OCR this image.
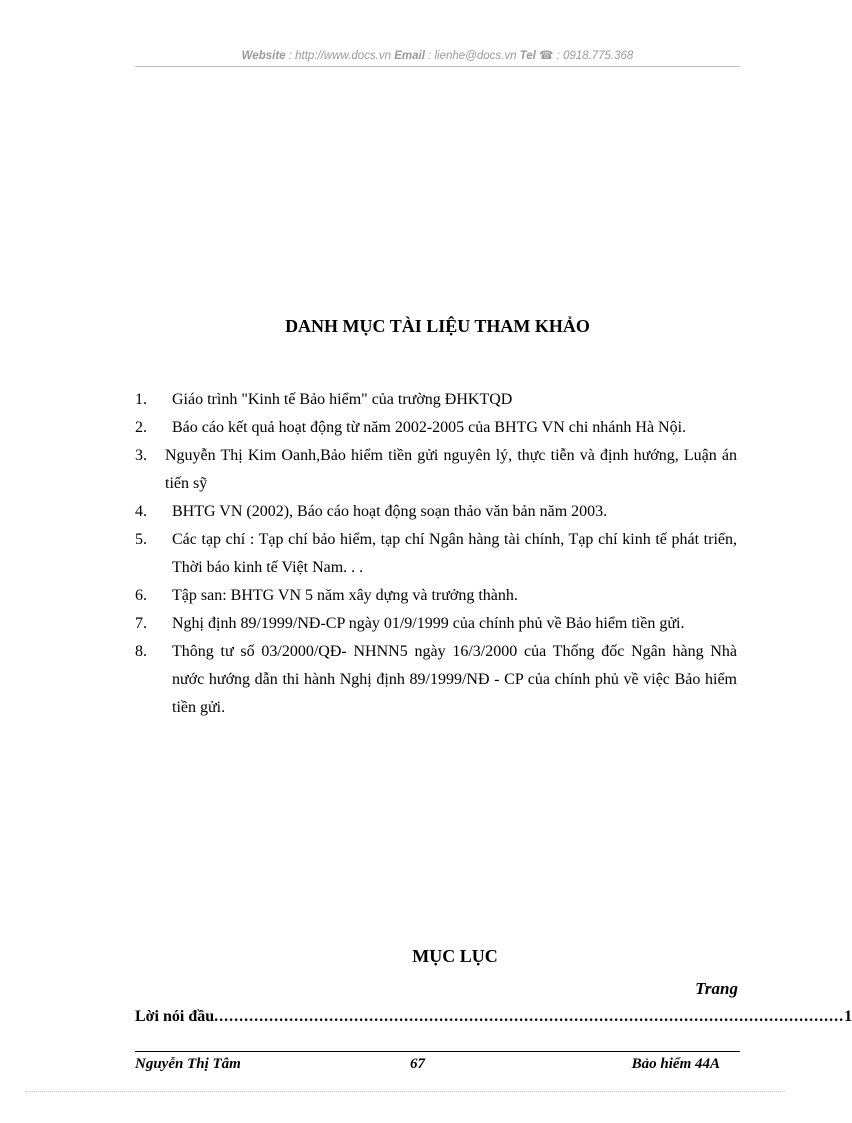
Website : http://www.docs.vn Email : lienhe@docs.vn Tel ☎ : 0918.775.368
DANH MỤC TÀI LIỆU THAM KHẢO
1.	Giáo trình "Kinh tế Bảo hiểm" của trường ĐHKTQD
2.	Báo cáo kết quả hoạt động từ năm 2002-2005 của BHTG VN chi nhánh Hà Nội.
3.	Nguyễn Thị Kim Oanh,Bảo hiểm tiền gửi nguyên lý, thực tiễn và định hướng, Luận án tiến sỹ
4.	BHTG VN (2002), Báo cáo hoạt động soạn thảo văn bản năm 2003.
5.	Các tạp chí : Tạp chí bảo hiểm, tạp chí Ngân hàng tài chính, Tạp chí kinh tế phát triển, Thời báo kinh tế Việt Nam. . .
6.	Tập san: BHTG VN 5 năm xây dựng và trưởng thành.
7.	Nghị định 89/1999/NĐ-CP ngày 01/9/1999 của chính phủ về Bảo hiểm tiền gửi.
8.	Thông tư số 03/2000/QĐ- NHNN5 ngày 16/3/2000 của Thống đốc Ngân hàng Nhà nước hướng dẫn thi hành Nghị định 89/1999/NĐ - CP của chính phủ về việc Bảo hiểm tiền gửi.
MỤC LỤC
Trang
Lời nói đầu .............................................................................................................................. 1
Nguyễn Thị Tâm	67	Bảo hiểm 44A
